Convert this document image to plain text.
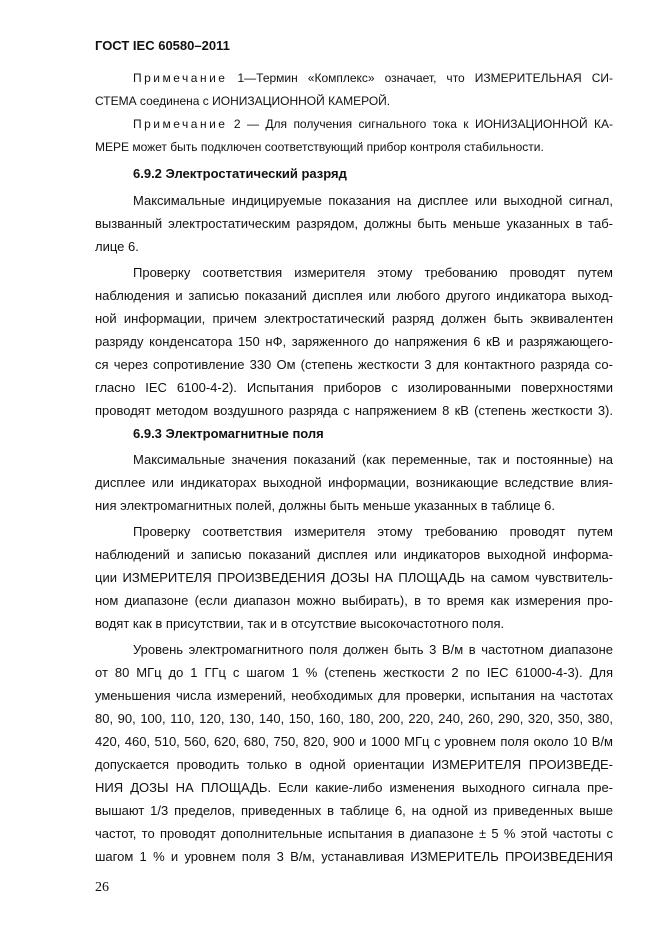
ГОСТ IEC 60580–2011
Примечание 1—Термин «Комплекс» означает, что ИЗМЕРИТЕЛЬНАЯ СИ-
СТЕМА соединена с ИОНИЗАЦИОННОЙ КАМЕРОЙ.
Примечание 2 — Для получения сигнального тока к ИОНИЗАЦИОННОЙ КА-
МЕРЕ может быть подключен соответствующий прибор контроля стабильности.
6.9.2 Электростатический разряд
Максимальные индицируемые показания на дисплее или выходной сигнал,
вызванный электростатическим разрядом, должны быть меньше указанных в таб-
лице 6.
Проверку соответствия измерителя этому требованию проводят путем
наблюдения и записью показаний дисплея или любого другого индикатора выход-
ной информации, причем электростатический разряд должен быть эквивалентен
разряду конденсатора 150 нФ, заряженного до напряжения 6 кВ и разряжающего-
ся через сопротивление 330 Ом (степень жесткости 3 для контактного разряда со-
гласно IEC 6100-4-2). Испытания приборов с изолированными поверхностями
проводят методом воздушного разряда с напряжением 8 кВ (степень жесткости 3).
6.9.3 Электромагнитные поля
Максимальные значения показаний (как переменные, так и постоянные) на
дисплее или индикаторах выходной информации, возникающие вследствие влия-
ния электромагнитных полей, должны быть меньше указанных в таблице 6.
Проверку соответствия измерителя этому требованию проводят путем
наблюдений и записью показаний дисплея или индикаторов выходной информа-
ции ИЗМЕРИТЕЛЯ ПРОИЗВЕДЕНИЯ ДОЗЫ НА ПЛОЩАДЬ на самом чувствитель-
ном диапазоне (если диапазон можно выбирать), в то время как измерения про-
водят как в присутствии, так и в отсутствие высокочастотного поля.
Уровень электромагнитного поля должен быть 3 В/м в частотном диапазоне
от 80 МГц до 1 ГГц с шагом 1 % (степень жесткости 2 по IEC 61000-4-3). Для
уменьшения числа измерений, необходимых для проверки, испытания на частотах
80, 90, 100, 110, 120, 130, 140, 150, 160, 180, 200, 220, 240, 260, 290, 320, 350, 380,
420, 460, 510, 560, 620, 680, 750, 820, 900 и 1000 МГц с уровнем поля около 10 В/м
допускается проводить только в одной ориентации ИЗМЕРИТЕЛЯ ПРОИЗВЕДЕ-
НИЯ ДОЗЫ НА ПЛОЩАДЬ. Если какие-либо изменения выходного сигнала пре-
вышают 1/3 пределов, приведенных в таблице 6, на одной из приведенных выше
частот, то проводят дополнительные испытания в диапазоне ± 5 % этой частоты с
шагом 1 % и уровнем поля 3 В/м, устанавливая ИЗМЕРИТЕЛЬ ПРОИЗВЕДЕНИЯ
26
